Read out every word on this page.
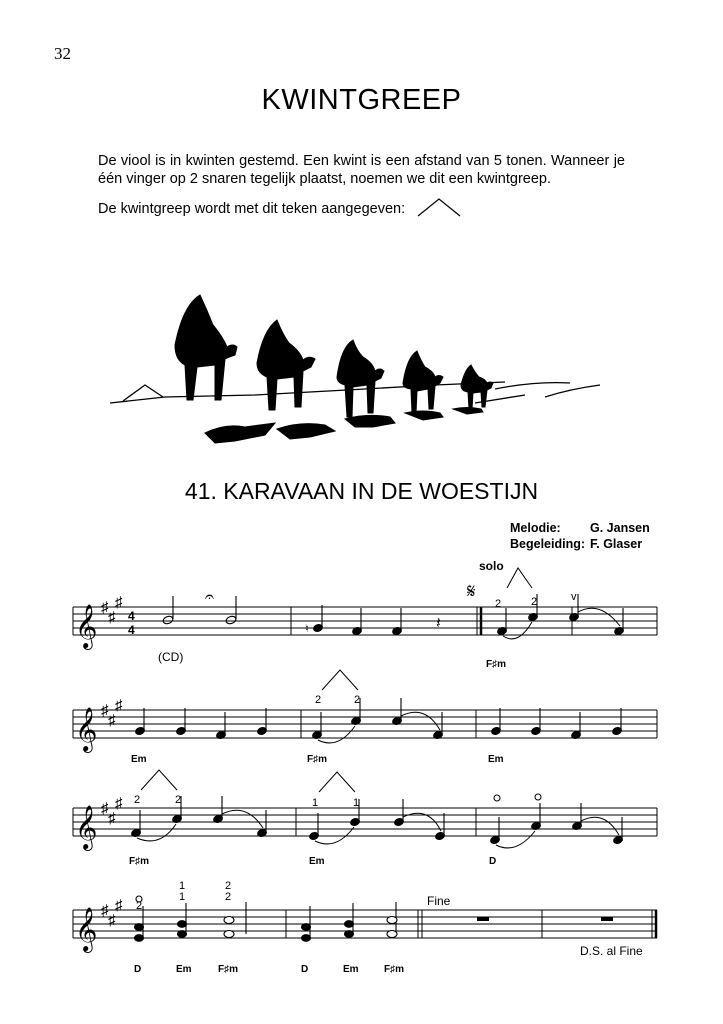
32
KWINTGREEP

De viool is in kwinten gestemd. Een kwint is een afstand van 5 tonen. Wanneer je één vinger op 2 snaren tegelijk plaatst, noemen we dit een kwintgreep.

De kwintgreep wordt met dit teken aangegeven:
41. KARAVAAN IN DE WOESTIJN
Melodie:	G. Jansen
Begeleiding: F. Glaser
𝄞
𝄞
𝄞
𝄞
♯
♯
♯
♯
♯
♯
♯
♯
♯
♯
♯
♯
4
4
𝄐	𝄋
♮	𝄽
v
2	2
2	2
2	2	1	1
2
1
1
2
2
(CD)
solo
Fine
D.S. al Fine
F♯m
Em	F♯m	Em
F♯m	Em	D
D	Em	F♯m	D	Em	F♯m
